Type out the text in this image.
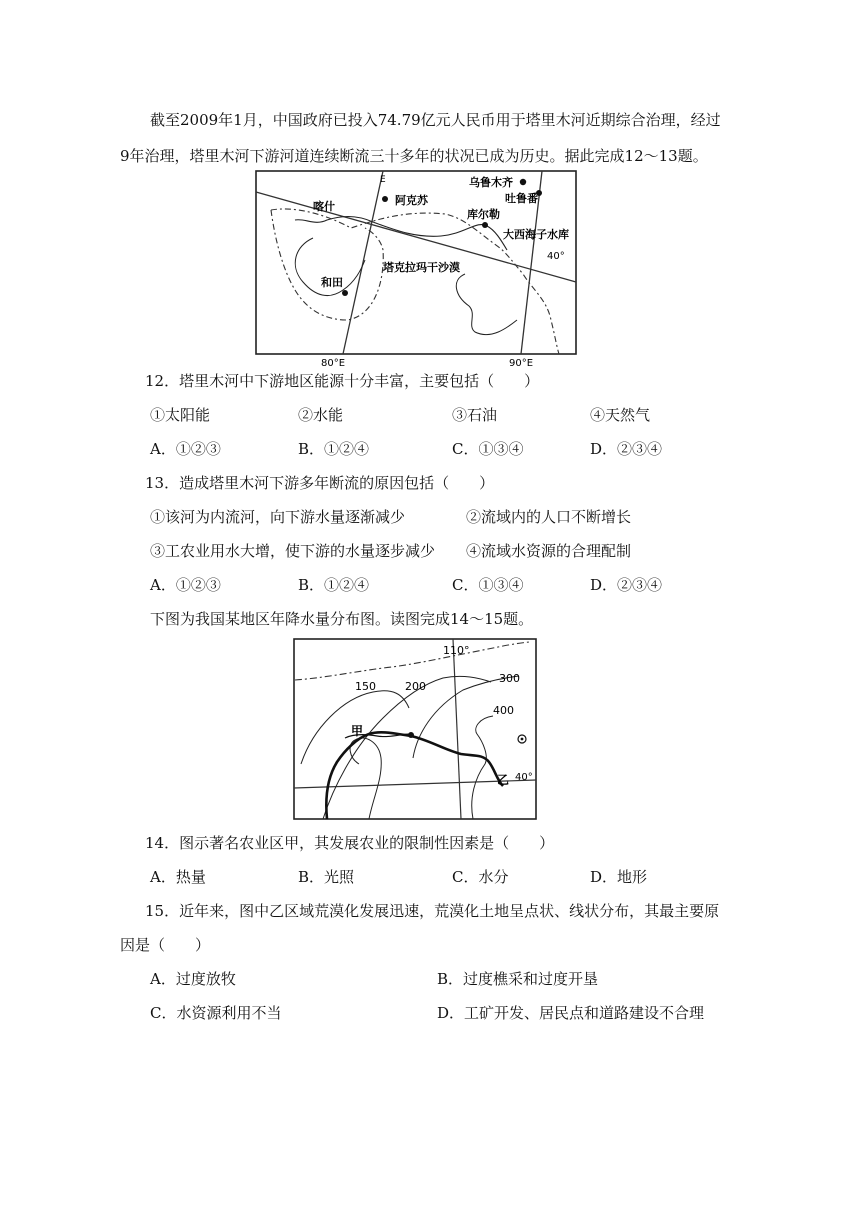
截至2009年1月，中国政府已投入74.79亿元人民币用于塔里木河近期综合治理，经过
9年治理，塔里木河下游河道连续断流三十多年的状况已成为历史。据此完成12～13题。
乌鲁木齐
吐鲁番
喀什	阿克苏
库尔勒
大西海子水库
40°
塔克拉玛干沙漠
和田
E
80°E	90°E
12．塔里木河中下游地区能源十分丰富，主要包括（　　）
①太阳能	②水能	③石油	④天然气
A．①②③	B．①②④	C．①③④	D．②③④
13．造成塔里木河下游多年断流的原因包括（　　）
①该河为内流河，向下游水量逐渐减少	②流域内的人口不断增长
③工农业用水大增，使下游的水量逐步减少 ④流域水资源的合理配制
A．①②③	B．①②④	C．①③④	D．②③④
下图为我国某地区年降水量分布图。读图完成14～15题。
110°
150	200
300
400
甲
乙 40°
14．图示著名农业区甲，其发展农业的限制性因素是（　　）
A．热量	B．光照	C．水分	D．地形
15．近年来，图中乙区域荒漠化发展迅速，荒漠化土地呈点状、线状分布，其最主要原
因是（　　）
A．过度放牧	B．过度樵采和过度开垦
C．水资源利用不当	D．工矿开发、居民点和道路建设不合理
